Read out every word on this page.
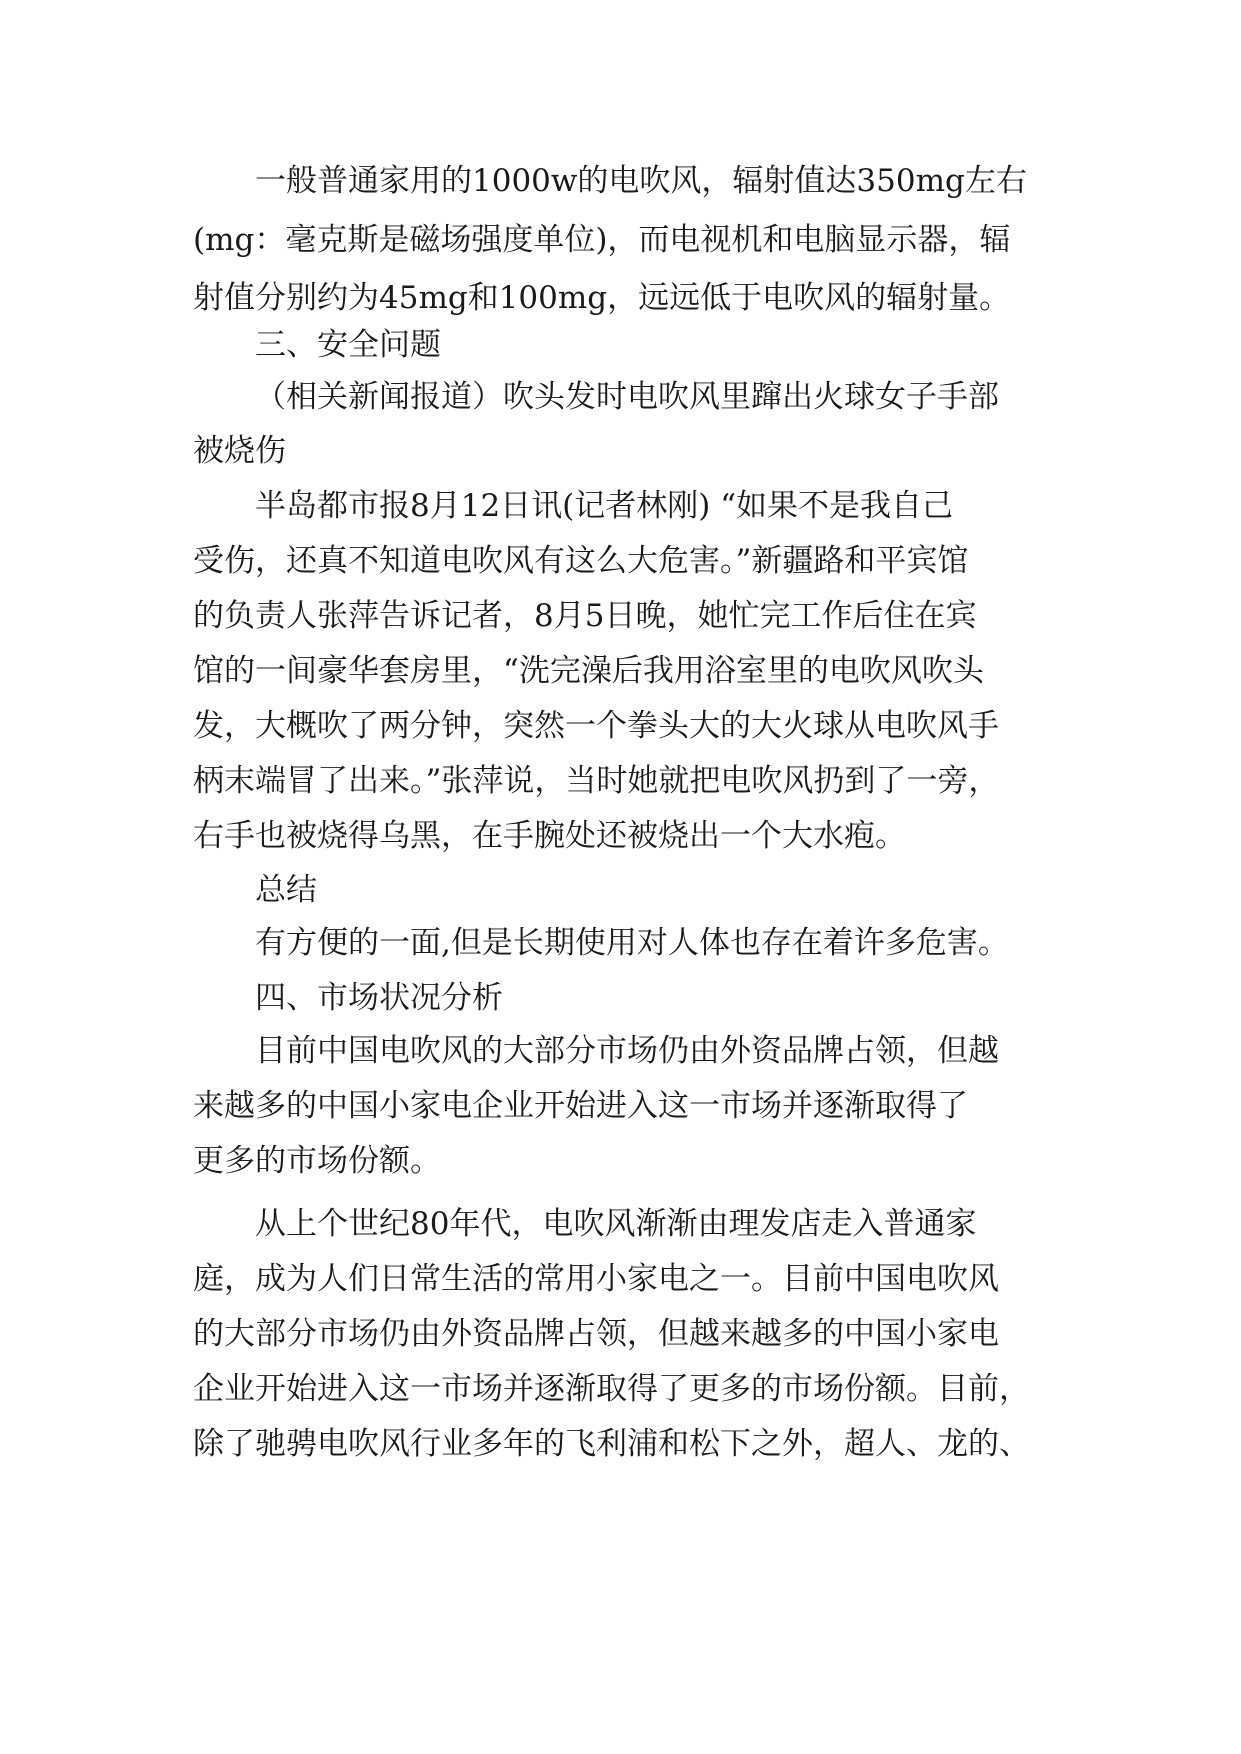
一般普通家用的1000w的电吹风，辐射值达350mg左右
(mg：毫克斯是磁场强度单位)，而电视机和电脑显示器，辐
射值分别约为45mg和100mg，远远低于电吹风的辐射量。
三、安全问题
（相关新闻报道）吹头发时电吹风里蹿出火球女子手部
被烧伤
半岛都市报8月12日讯(记者林刚) “如果不是我自己
受伤，还真不知道电吹风有这么大危害。”新疆路和平宾馆
的负责人张萍告诉记者，8月5日晚，她忙完工作后住在宾
馆的一间豪华套房里，“洗完澡后我用浴室里的电吹风吹头
发，大概吹了两分钟，突然一个拳头大的大火球从电吹风手
柄末端冒了出来。”张萍说，当时她就把电吹风扔到了一旁，
右手也被烧得乌黑，在手腕处还被烧出一个大水疱。
总结
有方便的一面,但是长期使用对人体也存在着许多危害。
四、市场状况分析
目前中国电吹风的大部分市场仍由外资品牌占领，但越
来越多的中国小家电企业开始进入这一市场并逐渐取得了
更多的市场份额。
从上个世纪80年代，电吹风渐渐由理发店走入普通家
庭，成为人们日常生活的常用小家电之一。目前中国电吹风
的大部分市场仍由外资品牌占领，但越来越多的中国小家电
企业开始进入这一市场并逐渐取得了更多的市场份额。目前，
除了驰骋电吹风行业多年的飞利浦和松下之外，超人、龙的、
